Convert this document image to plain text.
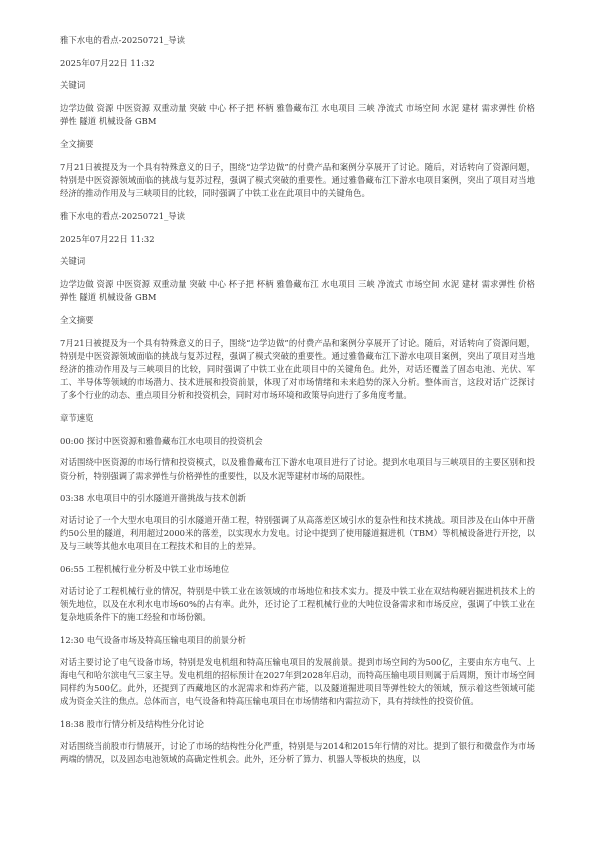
雅下水电的看点-20250721_导读
2025年07月22日 11:32
关键词
边学边做 资源 中医资源 双重动量 突破 中心 杯子把 杯柄 雅鲁藏布江 水电项目 三峡 净流式 市场空间 水泥 建材 需求弹性 价格弹性 隧道 机械设备 GBM
全文摘要
7月21日被提及为一个具有特殊意义的日子，围绕“边学边做”的付费产品和案例分享展开了讨论。随后，对话转向了资源问题，特别是中医资源领域面临的挑战与复苏过程，强调了模式突破的重要性。通过雅鲁藏布江下游水电项目案例，突出了项目对当地经济的推动作用及与三峡项目的比较，同时强调了中铁工业在此项目中的关键角色。
雅下水电的看点-20250721_导读
2025年07月22日 11:32
关键词
边学边做 资源 中医资源 双重动量 突破 中心 杯子把 杯柄 雅鲁藏布江 水电项目 三峡 净流式 市场空间 水泥 建材 需求弹性 价格弹性 隧道 机械设备 GBM
全文摘要
7月21日被提及为一个具有特殊意义的日子，围绕“边学边做”的付费产品和案例分享展开了讨论。随后，对话转向了资源问题，特别是中医资源领域面临的挑战与复苏过程，强调了模式突破的重要性。通过雅鲁藏布江下游水电项目案例，突出了项目对当地经济的推动作用及与三峡项目的比较，同时强调了中铁工业在此项目中的关键角色。此外，对话还覆盖了固态电池、光伏、军工、半导体等领域的市场潜力、技术进展和投资前景，体现了对市场情绪和未来趋势的深入分析。整体而言，这段对话广泛探讨了多个行业的动态、重点项目分析和投资机会，同时对市场环境和政策导向进行了多角度考量。
章节速览
00:00 探讨中医资源和雅鲁藏布江水电项目的投资机会
对话围绕中医资源的市场行情和投资模式，以及雅鲁藏布江下游水电项目进行了讨论。提到水电项目与三峡项目的主要区别和投资分析，特别强调了需求弹性与价格弹性的重要性，以及水泥等建材市场的局限性。
03:38 水电项目中的引水隧道开凿挑战与技术创新
对话讨论了一个大型水电项目的引水隧道开凿工程，特别强调了从高落差区域引水的复杂性和技术挑战。项目涉及在山体中开凿约50公里的隧道，利用超过2000米的落差，以实现水力发电。讨论中提到了使用隧道掘进机（TBM）等机械设备进行开挖，以及与三峡等其他水电项目在工程技术和目的上的差异。
06:55 工程机械行业分析及中铁工业市场地位
对话讨论了工程机械行业的情况，特别是中铁工业在该领域的市场地位和技术实力。提及中铁工业在双结构硬岩掘进机技术上的领先地位，以及在水利水电市场60%的占有率。此外，还讨论了工程机械行业的大吨位设备需求和市场反应，强调了中铁工业在复杂地质条件下的施工经验和市场份额。
12:30 电气设备市场及特高压输电项目的前景分析
对话主要讨论了电气设备市场，特别是发电机组和特高压输电项目的发展前景。提到市场空间约为500亿，主要由东方电气、上海电气和哈尔滨电气三家主导。发电机组的招标预计在2027年到2028年启动，而特高压输电项目则属于后周期，预计市场空间同样约为500亿。此外，还提到了西藏地区的水泥需求和炸药产能，以及隧道掘进项目等弹性较大的领域，预示着这些领域可能成为资金关注的焦点。总体而言，电气设备和特高压输电项目在市场情绪和内需拉动下，具有持续性的投资价值。
18:38 股市行情分析及结构性分化讨论
对话围绕当前股市行情展开，讨论了市场的结构性分化严重，特别是与2014和2015年行情的对比。提到了银行和微盘作为市场两端的情况，以及固态电池领域的高确定性机会。此外，还分析了算力、机器人等板块的热度，以
